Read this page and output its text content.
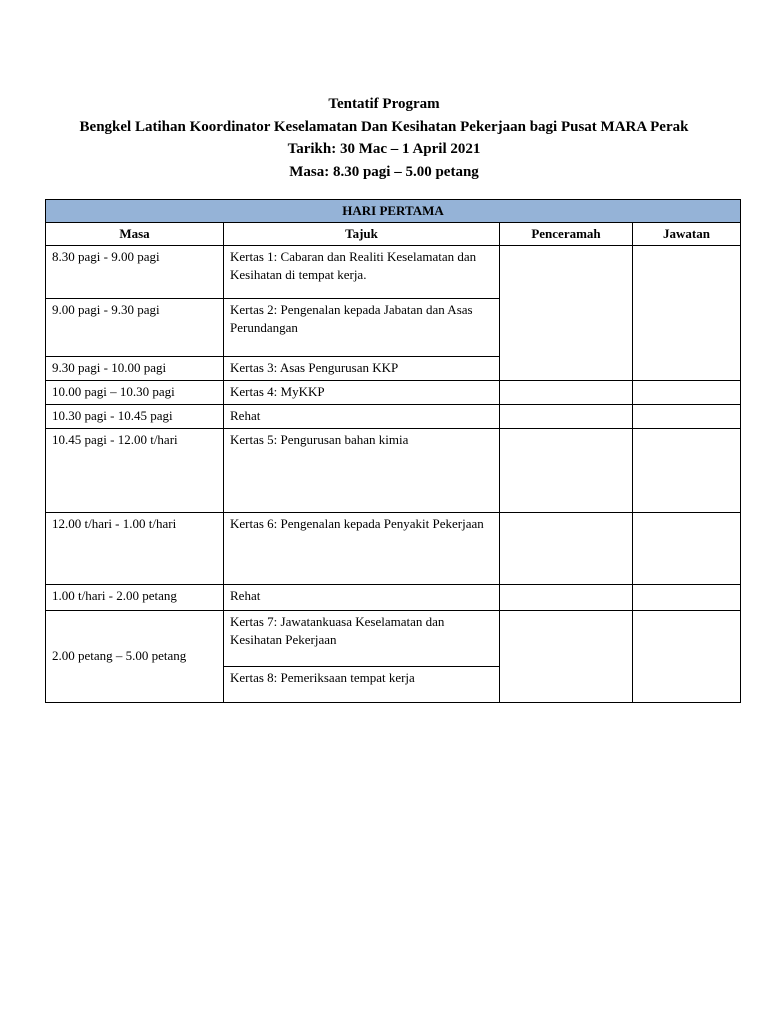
Tentatif Program
Bengkel Latihan Koordinator Keselamatan Dan Kesihatan Pekerjaan bagi Pusat MARA Perak
Tarikh: 30 Mac – 1 April 2021
Masa: 8.30 pagi – 5.00 petang
HARI PERTAMA			
Masa	Tajuk	Penceramah	Jawatan
8.30 pagi - 9.00 pagi	Kertas 1: Cabaran dan Realiti Keselamatan dan Kesihatan di tempat kerja.		
9.00 pagi - 9.30 pagi	Kertas 2: Pengenalan kepada Jabatan dan Asas Perundangan		
9.30 pagi - 10.00 pagi	Kertas 3: Asas Pengurusan KKP		
10.00 pagi – 10.30 pagi	Kertas 4: MyKKP		
10.30 pagi - 10.45 pagi	Rehat		
10.45 pagi - 12.00 t/hari	Kertas 5: Pengurusan bahan kimia		
12.00 t/hari - 1.00 t/hari	Kertas 6: Pengenalan kepada Penyakit Pekerjaan		
1.00 t/hari - 2.00 petang	Rehat		
2.00 petang – 5.00 petang	Kertas 7: Jawatankuasa Keselamatan dan Kesihatan Pekerjaan		
	Kertas 8: Pemeriksaan tempat kerja		
